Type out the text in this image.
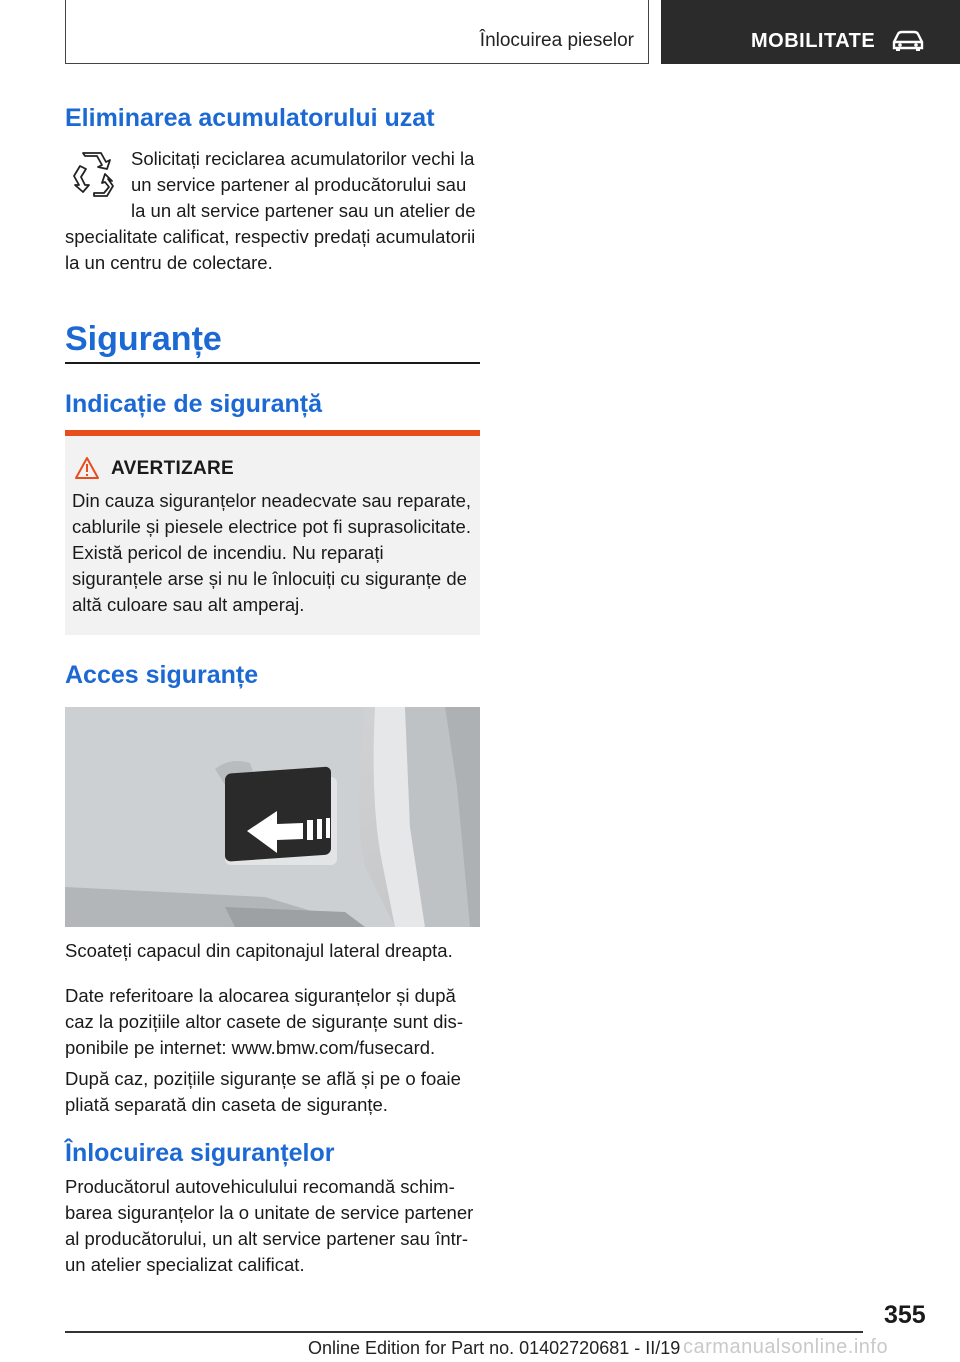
Înlocuirea pieselor	MOBILITATE
Eliminarea acumulatorului uzat

Solicitați reciclarea acumulatorilor vechi la un service partener al producătorului sau la un alt service partener sau un atelier de specialitate calificat, respectiv predați acumulatorii la un centru de colectare.

Siguranțe
Indicație de siguranță
AVERTIZARE

Din cauza siguranțelor neadecvate sau reparate, cablurile și piesele electrice pot fi suprasolicitate. Există pericol de incendiu. Nu reparați siguranțele arse și nu le înlocuiți cu siguranțe de altă culoare sau alt amperaj.

Acces siguranțe

Scoateți capacul din capitonajul lateral dreapta.

Date referitoare la alocarea siguranțelor și după caz la pozițiile altor casete de siguranțe sunt disponibile pe internet: www.bmw.com/fusecard.

După caz, pozițiile siguranțe se află și pe o foaie pliată separată din caseta de siguranțe.

Înlocuirea siguranțelor

Producătorul autovehiculului recomandă schimbarea siguranțelor la o unitate de service partener al producătorului, un alt service partener sau într-un atelier specializat calificat.

355
Online Edition for Part no. 01402720681 - II/19 carmanualsonline.info
